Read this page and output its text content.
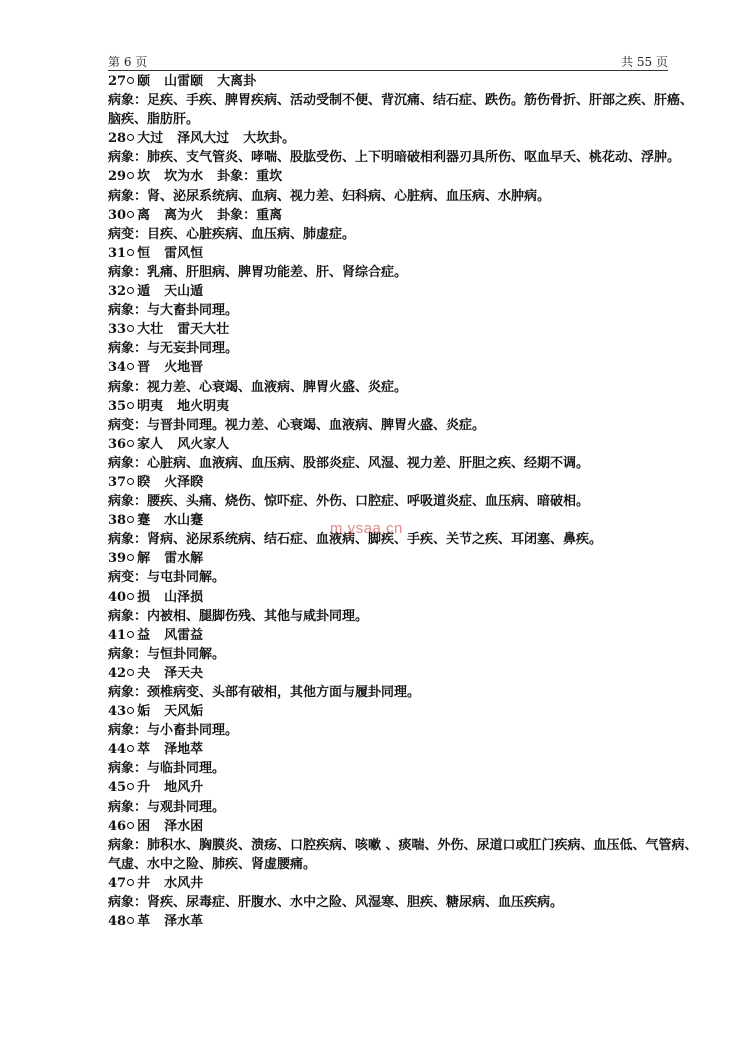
第 6 页	共 55 页
27 颐 山雷颐 大离卦
病象：足疾、手疾、脾胃疾病、活动受制不便、背沉痛、结石症、跌伤。筋伤骨折、肝部之疾、肝癌、脑疾、脂肪肝。
28 大过 泽风大过 大坎卦。
病象：肺疾、支气管炎、哮喘、股肱受伤、上下明暗破相利器刃具所伤、呕血早夭、桃花动、浮肿。
29 坎 坎为水 卦象：重坎
病象：肾、泌尿系统病、血病、视力差、妇科病、心脏病、血压病、水肿病。
30 离 离为火 卦象：重离
病变：目疾、心脏疾病、血压病、肺虚症。
31 恒 雷风恒
病象：乳痛、肝胆病、脾胃功能差、肝、肾综合症。
32 遁 天山遁
病象：与大畜卦同理。
33 大壮 雷天大壮
病象：与无妄卦同理。
34 晋 火地晋
病象：视力差、心衰竭、血液病、脾胃火盛、炎症。
35 明夷 地火明夷
病变：与晋卦同理。视力差、心衰竭、血液病、脾胃火盛、炎症。
36 家人 风火家人
病象：心脏病、血液病、血压病、股部炎症、风湿、视力差、肝胆之疾、经期不调。
37 睽 火泽睽
病象：腰疾、头痛、烧伤、惊吓症、外伤、口腔症、呼吸道炎症、血压病、暗破相。
38 蹇 水山蹇
病象：肾病、泌尿系统病、结石症、血液病、脚疾、手疾、关节之疾、耳闭塞、鼻疾。
39 解 雷水解
病变：与屯卦同解。
40 损 山泽损
病象：内被相、腿脚伤残、其他与咸卦同理。
41 益 风雷益
病象：与恒卦同解。
42 夬 泽天夬
病象：颈椎病变、头部有破相，其他方面与履卦同理。
43 姤 天风姤
病象：与小畜卦同理。
44 萃 泽地萃
病象：与临卦同理。
45 升 地风升
病象：与观卦同理。
46 困 泽水困
病象：肺积水、胸膜炎、溃疡、口腔疾病、咳嗽 、痰喘、外伤、尿道口或肛门疾病、血压低、气管病、气虚、水中之险、肺疾、肾虚腰痛。
47 井 水风井
病象：肾疾、尿毒症、肝腹水、水中之险、风湿寒、胆疾、糖尿病、血压疾病。
48 革 泽水革
m.ysaa.cn
